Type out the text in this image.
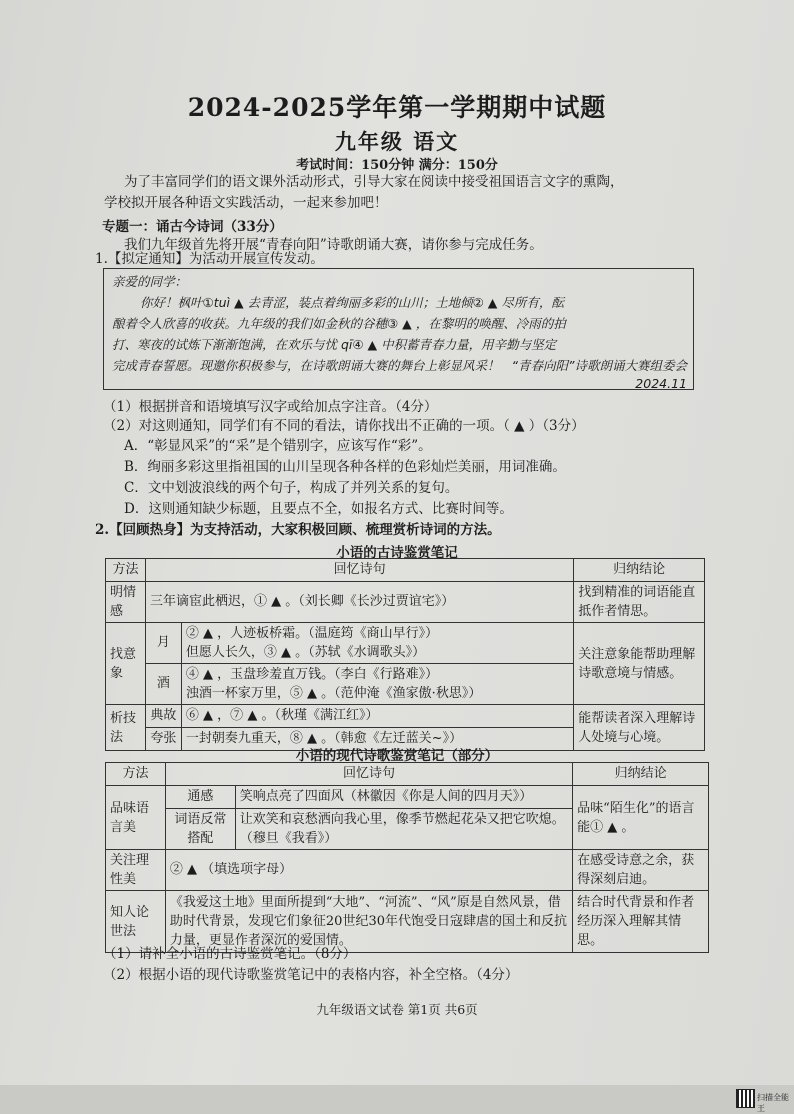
2024-2025学年第一学期期中试题
九年级 语文
考试时间：150分钟 满分：150分
为了丰富同学们的语文课外活动形式，引导大家在阅读中接受祖国语言文字的熏陶，
学校拟开展各种语文实践活动，一起来参加吧！
专题一：诵古今诗词（33分）
我们九年级首先将开展“青春向阳”诗歌朗诵大赛，请你参与完成任务。
1.【拟定通知】为活动开展宣传发动。
亲爱的同学：
你好！枫叶①tuì ▲ 去青涩，装点着绚丽多彩的山川；土地倾② ▲ 尽所有，酝
酿着令人欣喜的收获。九年级的我们如金秋的谷穗③ ▲ ，在黎明的唤醒、冷雨的拍
打、寒夜的试炼下渐渐饱满，在欢乐与忧 qī④ ▲ 中积蓄青春力量，用辛勤与坚定
完成青春誓愿。现邀你积极参与，在诗歌朗诵大赛的舞台上彰显风采！ “青春向阳”诗歌朗诵大赛组委会
2024.11
（1）根据拼音和语境填写汉字或给加点字注音。（4分）
（2）对这则通知，同学们有不同的看法，请你找出不正确的一项。（ ▲ ）（3分）
A．“彰显风采”的“采”是个错别字，应该写作“彩”。
B．绚丽多彩这里指祖国的山川呈现各种各样的色彩灿烂美丽，用词准确。
C．文中划波浪线的两个句子，构成了并列关系的复句。
D．这则通知缺少标题，且要点不全，如报名方式、比赛时间等。
2.【回顾热身】为支持活动，大家积极回顾、梳理赏析诗词的方法。
小语的古诗鉴赏笔记
方法	回忆诗句		归纳结论
明情感	三年谪宦此栖迟，① ▲ 。（刘长卿《长沙过贾谊宅》）		找到精准的词语能直抵作者情思。
找意象	月	② ▲ ，人迹板桥霜。（温庭筠《商山早行》）
但愿人长久，③ ▲ 。（苏轼《水调歌头》）	关注意象能帮助理解诗歌意境与情感。
	酒	④ ▲ ，玉盘珍羞直万钱。（李白《行路难》）
浊酒一杯家万里，⑤ ▲ 。（范仲淹《渔家傲·秋思》）	

析技法	典故	⑥ ▲ ，⑦ ▲ 。（秋瑾《满江红》）	能帮读者深入理解诗人处境与心境。
	夸张	一封朝奏九重天，⑧ ▲ 。（韩愈《左迁蓝关~》）	
小语的现代诗歌鉴赏笔记（部分）
方法	回忆诗句		归纳结论
品味语言美	通感	笑响点亮了四面风（林徽因《你是人间的四月天》）	品味“陌生化”的语言能① ▲ 。
	词语反常搭配	让欢笑和哀愁洒向我心里，像季节燃起花朵又把它吹熄。（穆旦《我看》）	
关注理性美	② ▲ （填选项字母）		在感受诗意之余，获得深刻启迪。
知人论世法	《我爱这土地》里面所提到“大地”、“河流”、“风”原是自然风景，借助时代背景，发现它们象征20世纪30年代饱受日寇肆虐的国土和反抗力量，更显作者深沉的爱国情。		结合时代背景和作者经历深入理解其情思。
（1）请补全小语的古诗鉴赏笔记。（8分）
（2）根据小语的现代诗歌鉴赏笔记中的表格内容，补全空格。（4分）
九年级语文试卷 第1页 共6页
扫描全能王
